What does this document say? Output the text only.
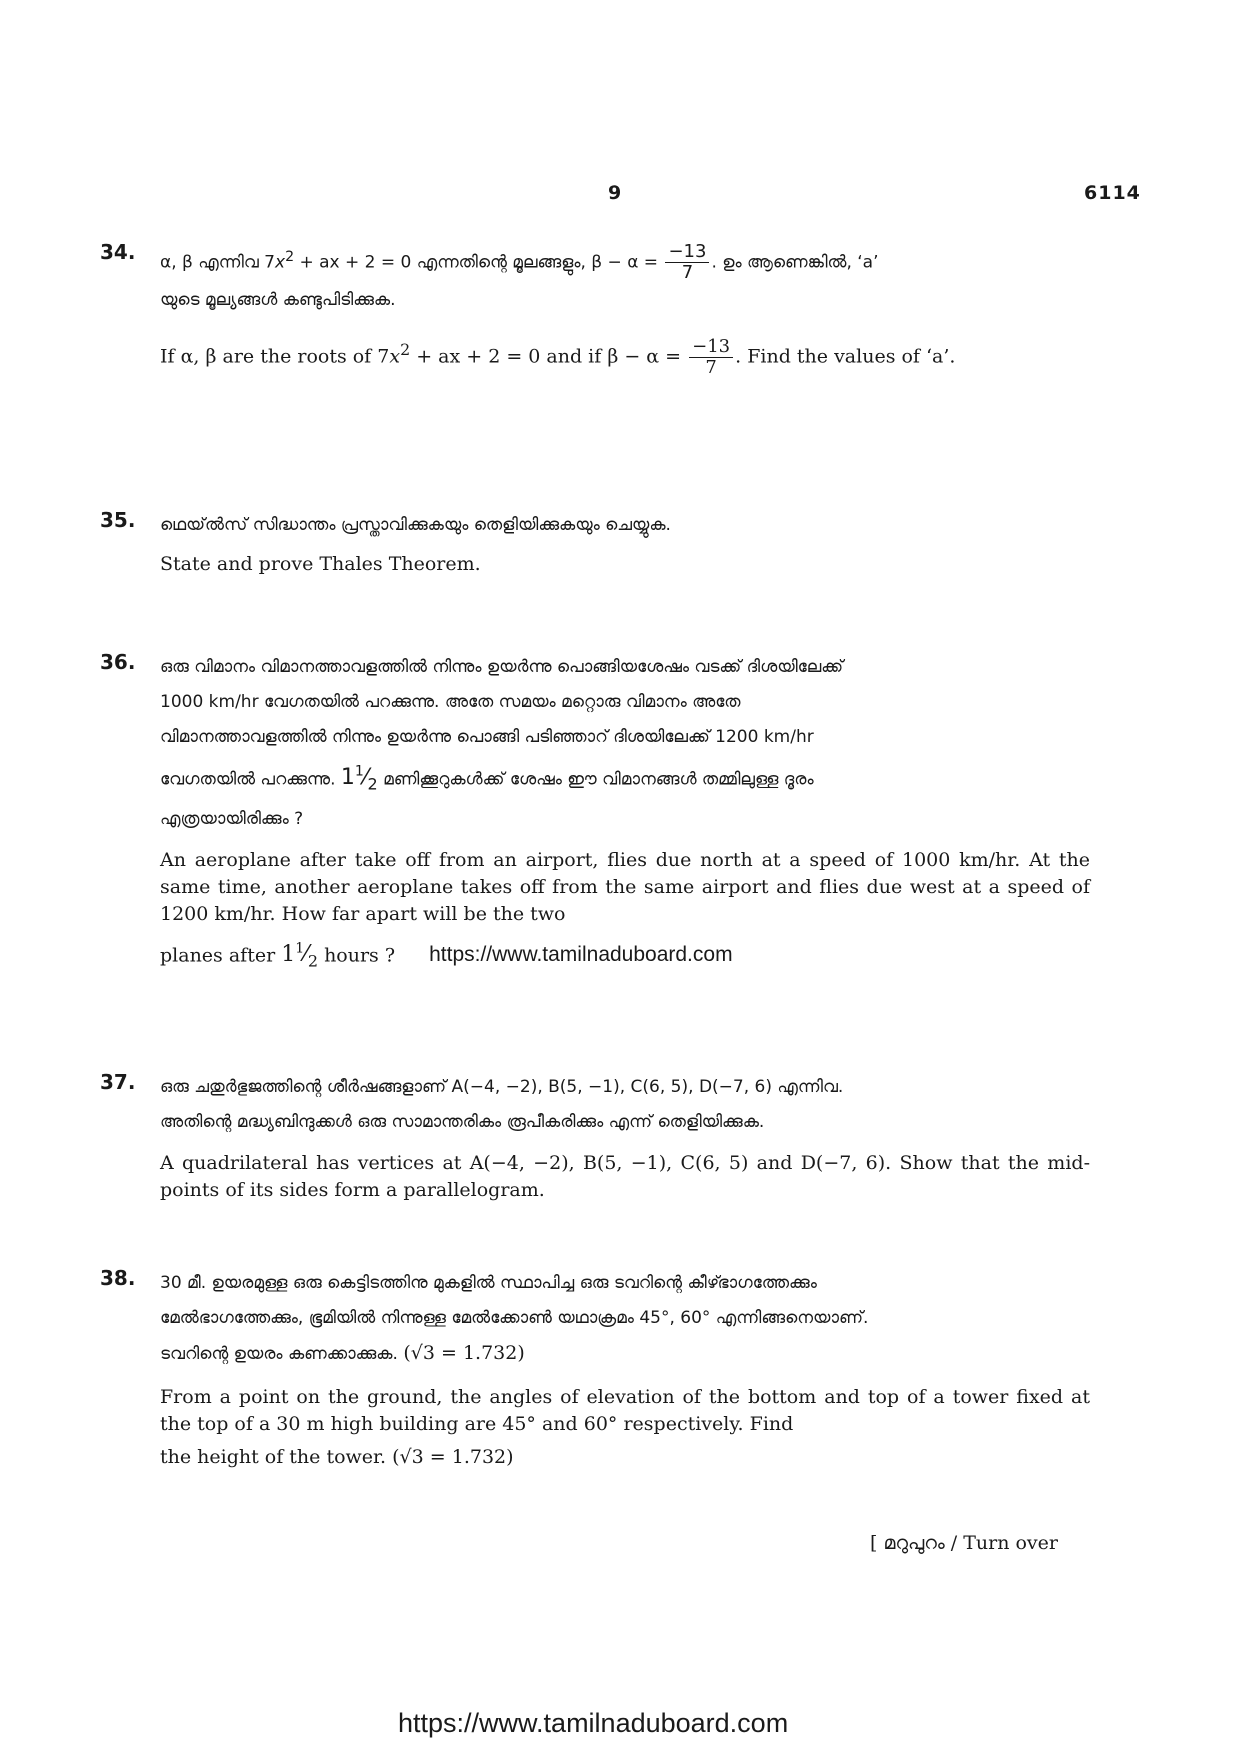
9	6114
34. α, β എന്നിവ $7x^2$ + ax + 2 = 0 എന്നതിന്റെ മൂലങ്ങളും, $\beta - \alpha = \frac{-13}{7}$ . ഉം ആണെങ്കിൽ, ‘a’

യുടെ മൂല്യങ്ങൾ കണ്ടുപിടിക്കുക.

If α, β are the roots of $7x^2$ + ax + 2 = 0 and if $\beta - \alpha = \frac{-13}{7}$ . Find the values of ‘a’.

35. ഥെയ്ൽസ് സിദ്ധാന്തം പ്രസ്താവിക്കുകയും തെളിയിക്കുകയും ചെയ്യുക.

State and prove Thales Theorem.

36. ഒരു വിമാനം വിമാനത്താവളത്തിൽ നിന്നും ഉയർന്നു പൊങ്ങിയശേഷം വടക്ക് ദിശയിലേക്ക്

1000 km/hr വേഗതയിൽ പറക്കുന്നു. അതേ സമയം മറ്റൊരു വിമാനം അതേ

വിമാനത്താവളത്തിൽ നിന്നും ഉയർന്നു പൊങ്ങി പടിഞ്ഞാറ് ദിശയിലേക്ക് 1200 km/hr

വേഗതയിൽ പറക്കുന്നു. $1^1⁄_2$ മണിക്കൂറുകൾക്ക് ശേഷം ഈ വിമാനങ്ങൾ തമ്മിലുള്ള ദൂരം

എത്രയായിരിക്കും ?

An aeroplane after take off from an airport, flies due north at a speed of 1000 km/hr. At the same time, another aeroplane takes off from the same airport and flies due west at a speed of 1200 km/hr. How far apart will be the two

planes after $1^1⁄_2$ hours ? https://www.tamilnaduboard.com

37. ഒരു ചതുർഭുജത്തിന്റെ ശീർഷങ്ങളാണ് A(−4, −2), B(5, −1), C(6, 5), D(−7, 6) എന്നിവ.

അതിന്റെ മദ്ധ്യബിന്ദുക്കൾ ഒരു സാമാന്തരികം രൂപീകരിക്കും എന്ന് തെളിയിക്കുക.

A quadrilateral has vertices at A(−4, −2), B(5, −1), C(6, 5) and D(−7, 6). Show that the mid-points of its sides form a parallelogram.

38. 30 മീ. ഉയരമുള്ള ഒരു കെട്ടിടത്തിനു മുകളിൽ സ്ഥാപിച്ച ഒരു ടവറിന്റെ കീഴ്ഭാഗത്തേക്കും

മേൽഭാഗത്തേക്കും, ഭൂമിയിൽ നിന്നുള്ള മേൽക്കോൺ യഥാക്രമം 45°, 60° എന്നിങ്ങനെയാണ്.

ടവറിന്റെ ഉയരം കണക്കാക്കുക. (√3 = 1.732)

From a point on the ground, the angles of elevation of the bottom and top of a tower fixed at the top of a 30 m high building are 45° and 60° respectively. Find

the height of the tower. (√3 = 1.732)

[ മറുപുറം / Turn over
https://www.tamilnaduboard.com
